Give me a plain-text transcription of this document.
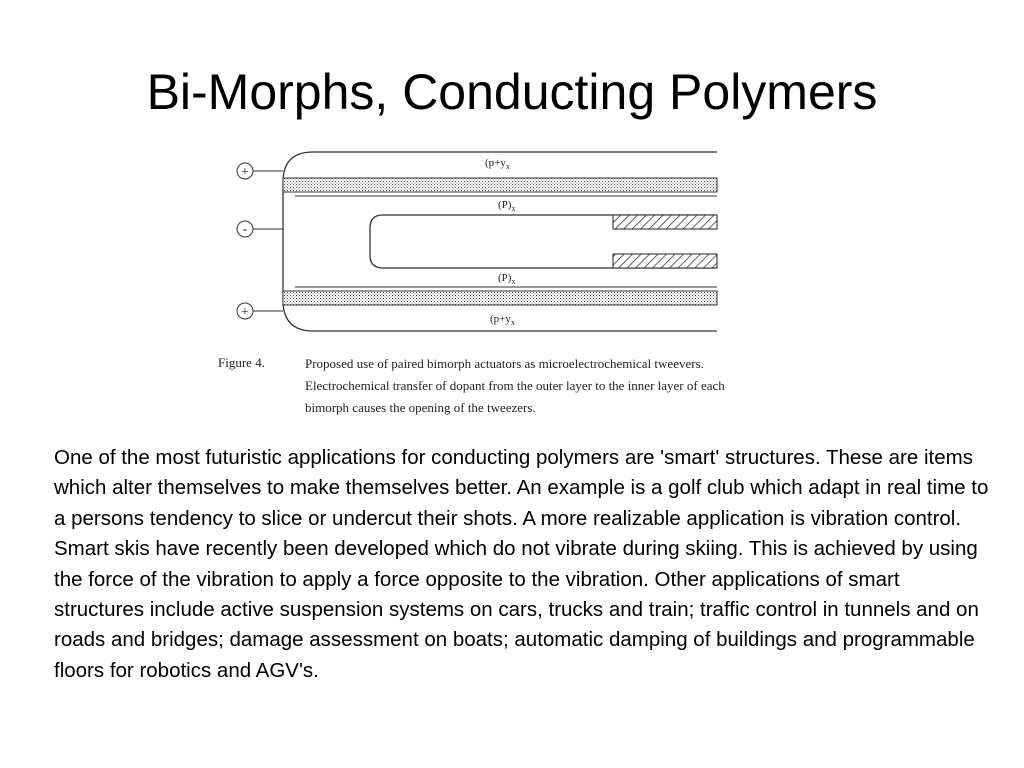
Bi-Morphs, Conducting Polymers
+
-
+
($p+y_x$
$(P)_x$
$(P)_x$
($p+y_x$
Figure 4.	Proposed use of paired bimorph actuators as microelectrochemical tweevers. Electrochemical transfer of dopant from the outer layer to the inner layer of each bimorph causes the opening of the tweezers.

One of the most futuristic applications for conducting polymers are 'smart' structures. These are items which alter themselves to make themselves better. An example is a golf club which adapt in real time to a persons tendency to slice or undercut their shots. A more realizable application is vibration control. Smart skis have recently been developed which do not vibrate during skiing. This is achieved by using the force of the vibration to apply a force opposite to the vibration. Other applications of smart structures include active suspension systems on cars, trucks and train; traffic control in tunnels and on roads and bridges; damage assessment on boats; automatic damping of buildings and programmable floors for robotics and AGV's.
